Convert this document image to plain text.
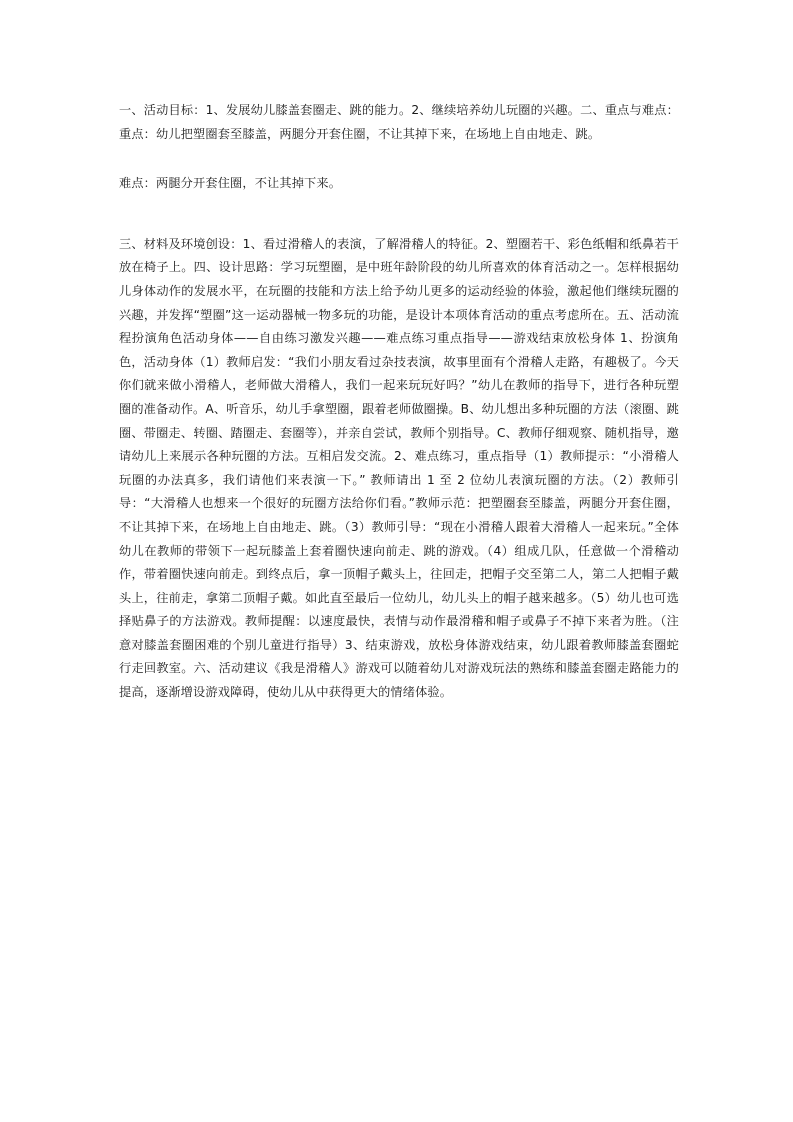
一、活动目标：1、发展幼儿膝盖套圈走、跳的能力。2、继续培养幼儿玩圈的兴趣。二、重点与难点：重点：幼儿把塑圈套至膝盖，两腿分开套住圈，不让其掉下来，在场地上自由地走、跳。

难点：两腿分开套住圈，不让其掉下来。

三、材料及环境创设：1、看过滑稽人的表演，了解滑稽人的特征。2、塑圈若干、彩色纸帽和纸鼻若干放在椅子上。四、设计思路：学习玩塑圈，是中班年龄阶段的幼儿所喜欢的体育活动之一。怎样根据幼儿身体动作的发展水平，在玩圈的技能和方法上给予幼儿更多的运动经验的体验，激起他们继续玩圈的兴趣，并发挥“塑圈”这一运动器械一物多玩的功能，是设计本项体育活动的重点考虑所在。五、活动流程扮演角色活动身体——自由练习激发兴趣——难点练习重点指导——游戏结束放松身体 1、扮演角色，活动身体（1）教师启发：“我们小朋友看过杂技表演，故事里面有个滑稽人走路，有趣极了。今天你们就来做小滑稽人，老师做大滑稽人，我们一起来玩玩好吗？”幼儿在教师的指导下，进行各种玩塑圈的准备动作。A、听音乐，幼儿手拿塑圈，跟着老师做圈操。B、幼儿想出多种玩圈的方法（滚圈、跳圈、带圈走、转圈、踏圈走、套圈等），并亲自尝试，教师个别指导。C、教师仔细观察、随机指导，邀请幼儿上来展示各种玩圈的方法。互相启发交流。2、难点练习，重点指导（1）教师提示：“小滑稽人玩圈的办法真多，我们请他们来表演一下。” 教师请出 1 至 2 位幼儿表演玩圈的方法。（2）教师引导：“大滑稽人也想来一个很好的玩圈方法给你们看。”教师示范：把塑圈套至膝盖，两腿分开套住圈，不让其掉下来，在场地上自由地走、跳。（3）教师引导：“现在小滑稽人跟着大滑稽人一起来玩。”全体幼儿在教师的带领下一起玩膝盖上套着圈快速向前走、跳的游戏。（4）组成几队，任意做一个滑稽动作，带着圈快速向前走。到终点后，拿一顶帽子戴头上，往回走，把帽子交至第二人，第二人把帽子戴头上，往前走，拿第二顶帽子戴。如此直至最后一位幼儿，幼儿头上的帽子越来越多。（5）幼儿也可选择贴鼻子的方法游戏。教师提醒：以速度最快，表情与动作最滑稽和帽子或鼻子不掉下来者为胜。（注意对膝盖套圈困难的个别儿童进行指导）3、结束游戏，放松身体游戏结束，幼儿跟着教师膝盖套圈蛇行走回教室。六、活动建议《我是滑稽人》游戏可以随着幼儿对游戏玩法的熟练和膝盖套圈走路能力的提高，逐渐增设游戏障碍，使幼儿从中获得更大的情绪体验。
